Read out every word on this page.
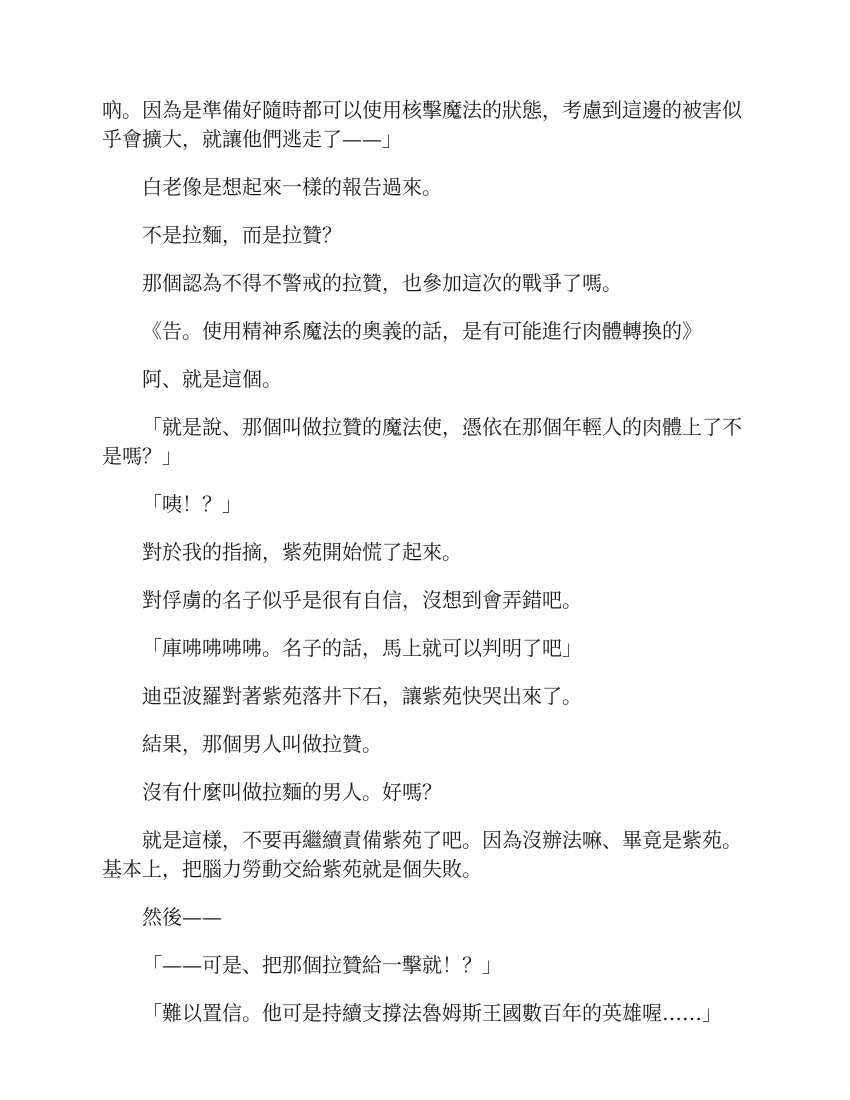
吶。因為是準備好隨時都可以使用核擊魔法的狀態，考慮到這邊的被害似乎會擴大，就讓他們逃走了——」

白老像是想起來一樣的報告過來。

不是拉麵，而是拉贊？

那個認為不得不警戒的拉贊，也參加這次的戰爭了嗎。

《告。使用精神系魔法的奧義的話，是有可能進行肉體轉換的》

阿、就是這個。

「就是說、那個叫做拉贊的魔法使，憑依在那個年輕人的肉體上了不是嗎？」

「咦！？」

對於我的指摘，紫苑開始慌了起來。

對俘虜的名子似乎是很有自信，沒想到會弄錯吧。

「庫咈咈咈咈。名子的話，馬上就可以判明了吧」

迪亞波羅對著紫苑落井下石，讓紫苑快哭出來了。

結果，那個男人叫做拉贊。

沒有什麼叫做拉麵的男人。好嗎？

就是這樣，不要再繼續責備紫苑了吧。因為沒辦法嘛、畢竟是紫苑。基本上，把腦力勞動交給紫苑就是個失敗。

然後——

「——可是、把那個拉贊給一擊就！？」

「難以置信。他可是持續支撐法魯姆斯王國數百年的英雄喔……」
